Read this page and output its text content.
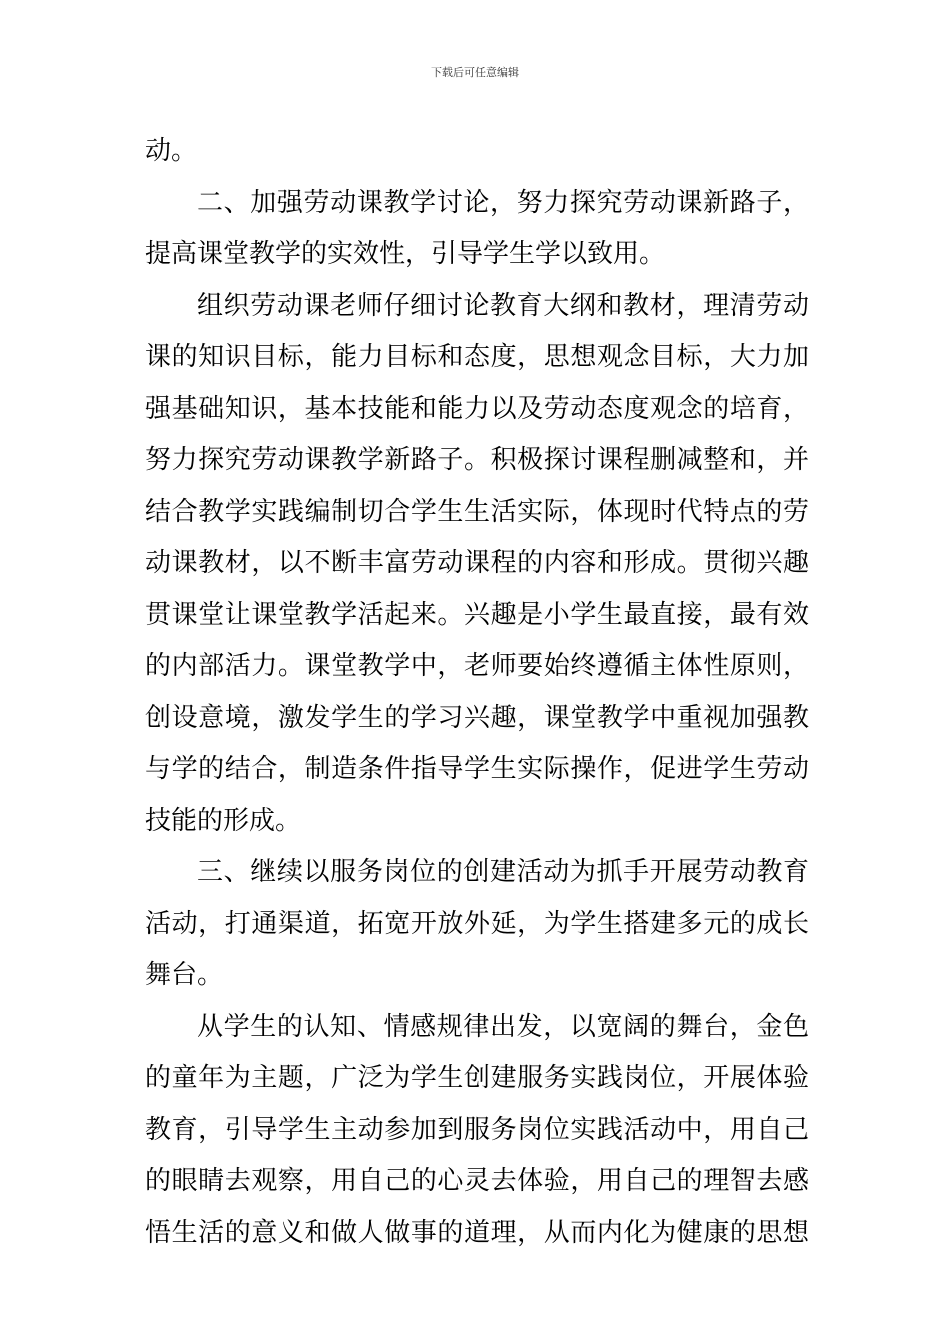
下载后可任意编辑
动。
二、加强劳动课教学讨论，努力探究劳动课新路子，
提高课堂教学的实效性，引导学生学以致用。
组织劳动课老师仔细讨论教育大纲和教材，理清劳动
课的知识目标，能力目标和态度，思想观念目标，大力加
强基础知识，基本技能和能力以及劳动态度观念的培育，
努力探究劳动课教学新路子。积极探讨课程删减整和，并
结合教学实践编制切合学生生活实际，体现时代特点的劳
动课教材，以不断丰富劳动课程的内容和形成。贯彻兴趣
贯课堂让课堂教学活起来。兴趣是小学生最直接，最有效
的内部活力。课堂教学中，老师要始终遵循主体性原则，
创设意境，激发学生的学习兴趣，课堂教学中重视加强教
与学的结合，制造条件指导学生实际操作，促进学生劳动
技能的形成。
三、继续以服务岗位的创建活动为抓手开展劳动教育
活动，打通渠道，拓宽开放外延，为学生搭建多元的成长
舞台。
从学生的认知、情感规律出发，以宽阔的舞台，金色
的童年为主题，广泛为学生创建服务实践岗位，开展体验
教育，引导学生主动参加到服务岗位实践活动中，用自己
的眼睛去观察，用自己的心灵去体验，用自己的理智去感
悟生活的意义和做人做事的道理，从而内化为健康的思想
